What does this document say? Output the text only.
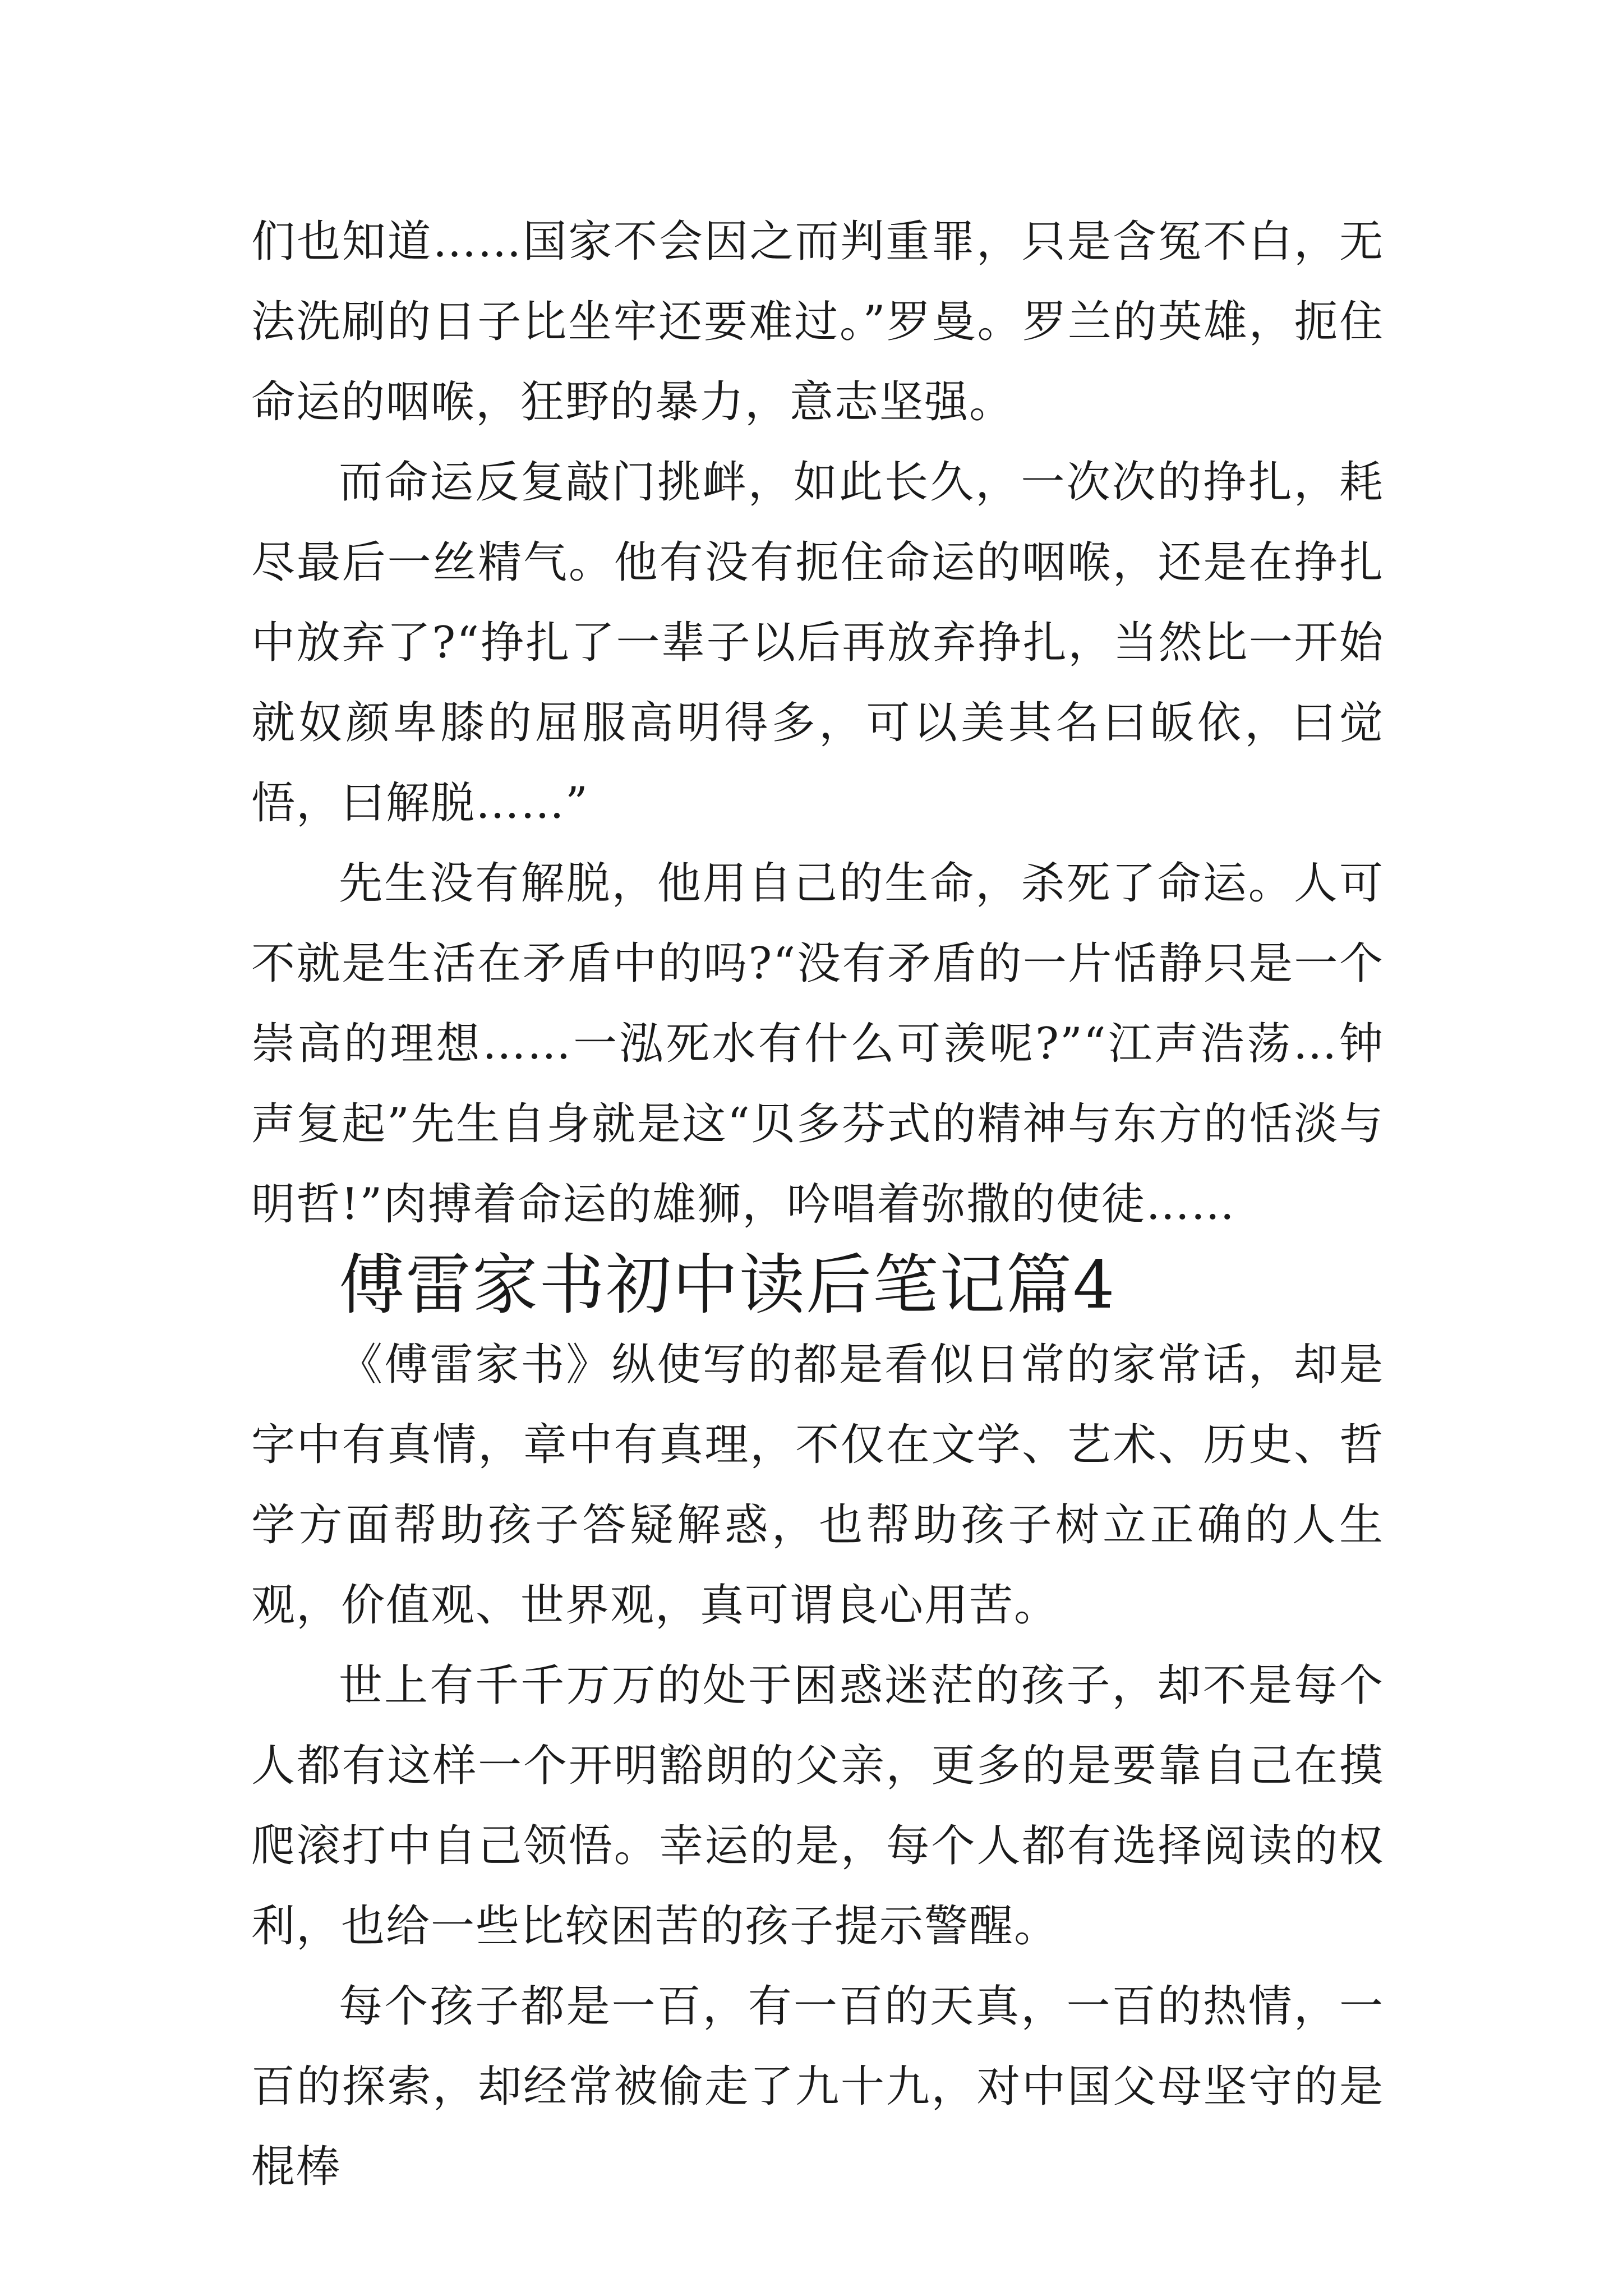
们也知道……国家不会因之而判重罪，只是含冤不白，无法洗刷的日子比坐牢还要难过。”罗曼。罗兰的英雄，扼住命运的咽喉，狂野的暴力，意志坚强。

而命运反复敲门挑衅，如此长久，一次次的挣扎，耗尽最后一丝精气。他有没有扼住命运的咽喉，还是在挣扎中放弃了?“挣扎了一辈子以后再放弃挣扎，当然比一开始就奴颜卑膝的屈服高明得多，可以美其名曰皈依，曰觉悟，曰解脱……”

先生没有解脱，他用自己的生命，杀死了命运。人可不就是生活在矛盾中的吗?“没有矛盾的一片恬静只是一个崇高的理想……一泓死水有什么可羡呢?”“江声浩荡…钟声复起”先生自身就是这“贝多芬式的精神与东方的恬淡与明哲!”肉搏着命运的雄狮，吟唱着弥撒的使徒……

傅雷家书初中读后笔记篇4

《傅雷家书》纵使写的都是看似日常的家常话，却是字中有真情，章中有真理，不仅在文学、艺术、历史、哲学方面帮助孩子答疑解惑，也帮助孩子树立正确的人生观，价值观、世界观，真可谓良心用苦。

世上有千千万万的处于困惑迷茫的孩子，却不是每个人都有这样一个开明豁朗的父亲，更多的是要靠自己在摸爬滚打中自己领悟。幸运的是，每个人都有选择阅读的权利，也给一些比较困苦的孩子提示警醒。

每个孩子都是一百，有一百的天真，一百的热情，一百的探索，却经常被偷走了九十九，对中国父母坚守的是棍棒
